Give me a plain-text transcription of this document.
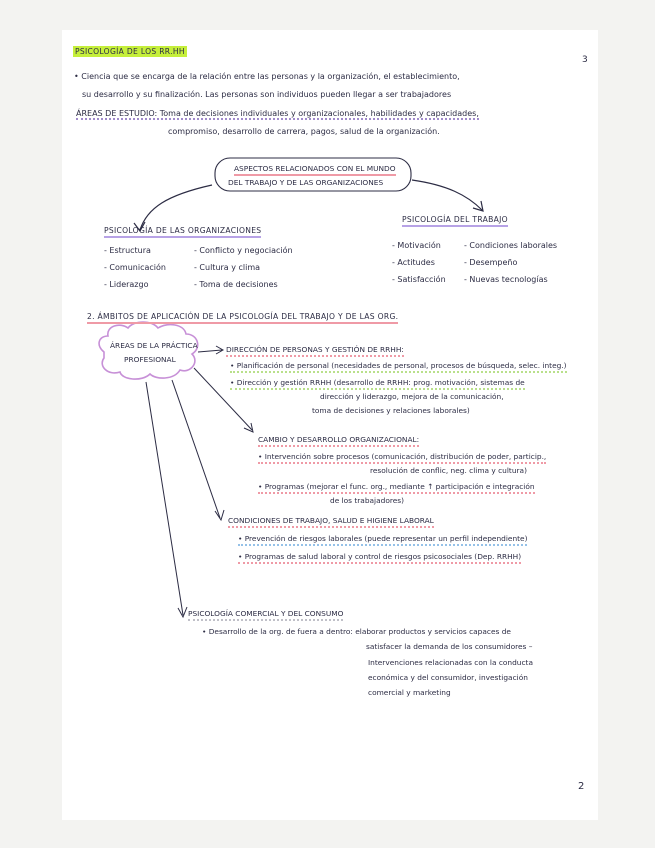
3
2
PSICOLOGÍA DE LOS RR.HH
• Ciencia que se encarga de la relación entre las personas y la organización, el establecimiento,
su desarrollo y su finalización. Las personas son individuos pueden llegar a ser trabajadores
ÁREAS DE ESTUDIO: Toma de decisiones individuales y organizacionales, habilidades y capacidades,
compromiso, desarrollo de carrera, pagos, salud de la organización.
ASPECTOS RELACIONADOS CON EL MUNDO
DEL TRABAJO Y DE LAS ORGANIZACIONES
PSICOLOGÍA DE LAS ORGANIZACIONES
- Estructura
- Comunicación
- Liderazgo
- Conflicto y negociación
- Cultura y clima
- Toma de decisiones
PSICOLOGÍA DEL TRABAJO
- Motivación
- Actitudes
- Satisfacción
- Condiciones laborales
- Desempeño
- Nuevas tecnologías
2. ÁMBITOS DE APLICACIÓN DE LA PSICOLOGÍA DEL TRABAJO Y DE LAS ORG.
ÁREAS DE LA PRÁCTICA
PROFESIONAL
DIRECCIÓN DE PERSONAS Y GESTIÓN DE RRHH:
• Planificación de personal (necesidades de personal, procesos de búsqueda, selec. integ.)
• Dirección y gestión RRHH (desarrollo de RRHH: prog. motivación, sistemas de
dirección y liderazgo, mejora de la comunicación,
toma de decisiones y relaciones laborales)
CAMBIO Y DESARROLLO ORGANIZACIONAL:
• Intervención sobre procesos (comunicación, distribución de poder, particip.,
resolución de conflic, neg. clima y cultura)
• Programas (mejorar el func. org., mediante ↑ participación e integración
de los trabajadores)
CONDICIONES DE TRABAJO, SALUD E HIGIENE LABORAL
• Prevención de riesgos laborales (puede representar un perfil independiente)
• Programas de salud laboral y control de riesgos psicosociales (Dep. RRHH)
PSICOLOGÍA COMERCIAL Y DEL CONSUMO
• Desarrollo de la org. de fuera a dentro: elaborar productos y servicios capaces de
satisfacer la demanda de los consumidores –
Intervenciones relacionadas con la conducta
económica y del consumidor, investigación
comercial y marketing
